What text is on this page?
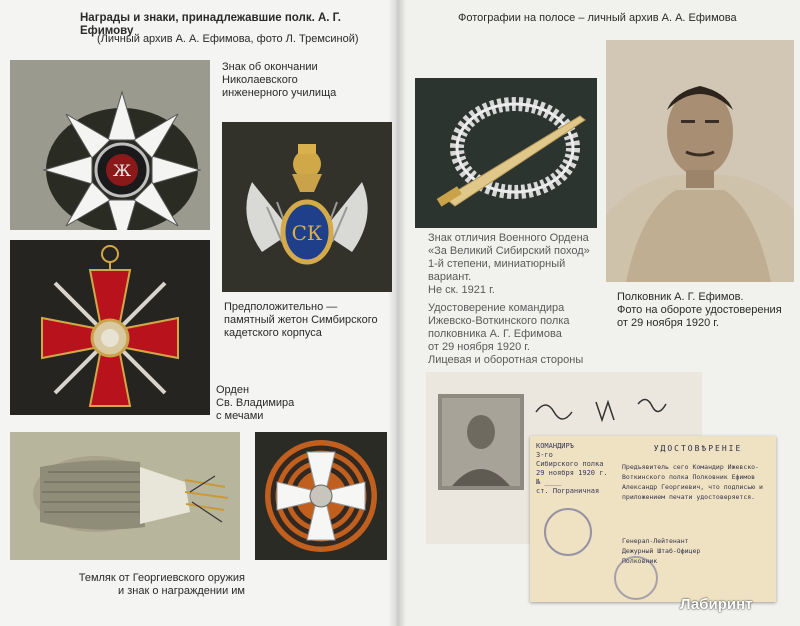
Награды и знаки, принадлежавшие полк. А. Г. Ефимову
(Личный архив А. А. Ефимова, фото Л. Тремсиной)
Знак об окончании Николаевского
инженерного училища
Предположительно —
памятный жетон Симбирского
кадетского корпуса
Орден
Св. Владимира
с мечами
Темляк от Георгиевского оружия
и знак о награждении им
Ж
СК
Фотографии на полосе – личный архив А. А. Ефимова
Знак отличия Военного Ордена
«За Великий Сибирский поход»
1-й степени, миниатюрный вариант.
Не ск. 1921 г.
Удостоверение командира
Ижевско-Воткинского полка
полковника А. Г. Ефимова
от 29 ноября 1920 г.
Лицевая и оборотная стороны
Полковник А. Г. Ефимов.
Фото на обороте удостоверения
от 29 ноября 1920 г.
КОМАНДИРЪ
3-го
Сибирского полка
29 ноября 1920 г.
№ ____
ст. Пограничная
УДОСТОВѢРЕНІЕ
Предъявитель сего Командир Ижевско-
Воткинского полка Полковник Ефимов
Александр Георгиевич, что подписью и
приложением печати удостоверяется.
Генерал-Лейтенант
Дежурный Штаб-Офицер
Полковник
Лабиринт
